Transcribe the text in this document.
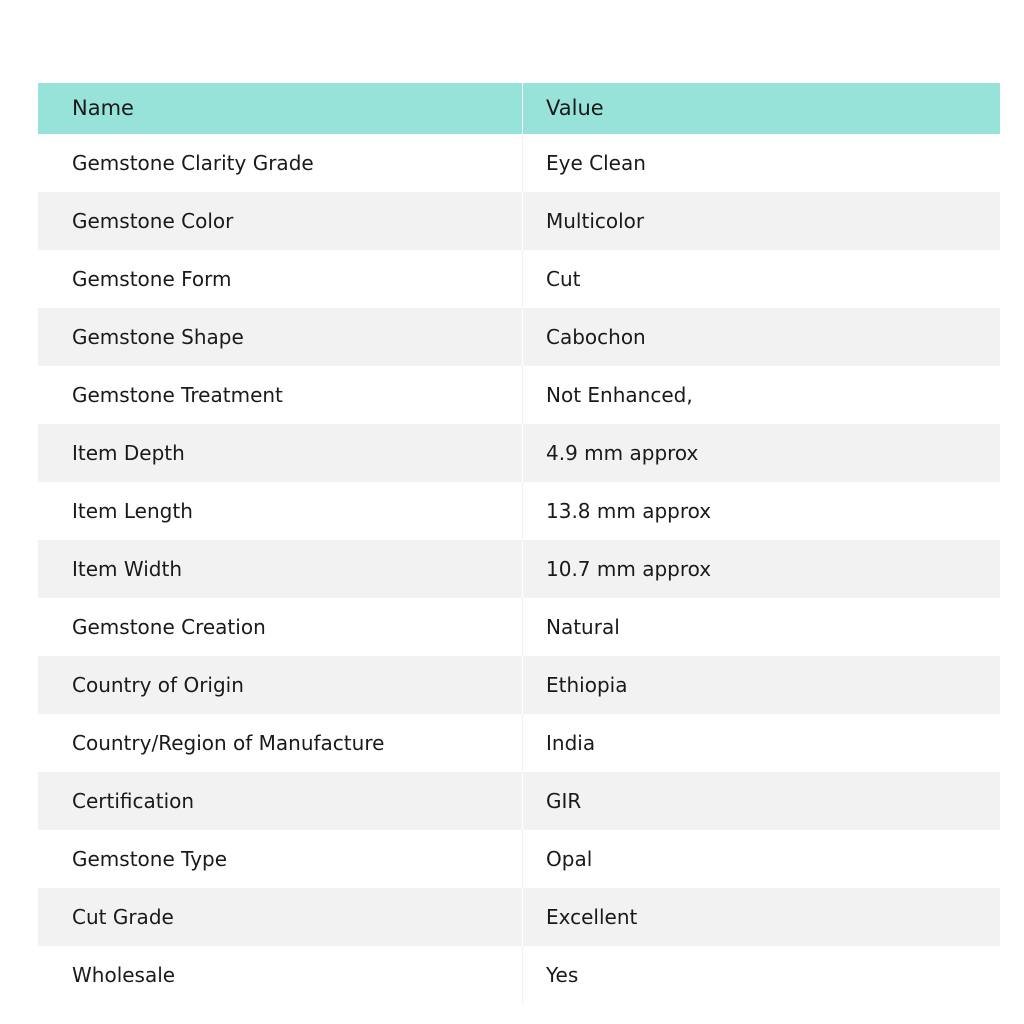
Name	Value
Gemstone Clarity Grade	Eye Clean
Gemstone Color	Multicolor
Gemstone Form	Cut
Gemstone Shape	Cabochon
Gemstone Treatment	Not Enhanced,
Item Depth	4.9 mm approx
Item Length	13.8 mm approx
Item Width	10.7 mm approx
Gemstone Creation	Natural
Country of Origin	Ethiopia
Country/Region of Manufacture	India
Certification	GIR
Gemstone Type	Opal
Cut Grade	Excellent
Wholesale	Yes
